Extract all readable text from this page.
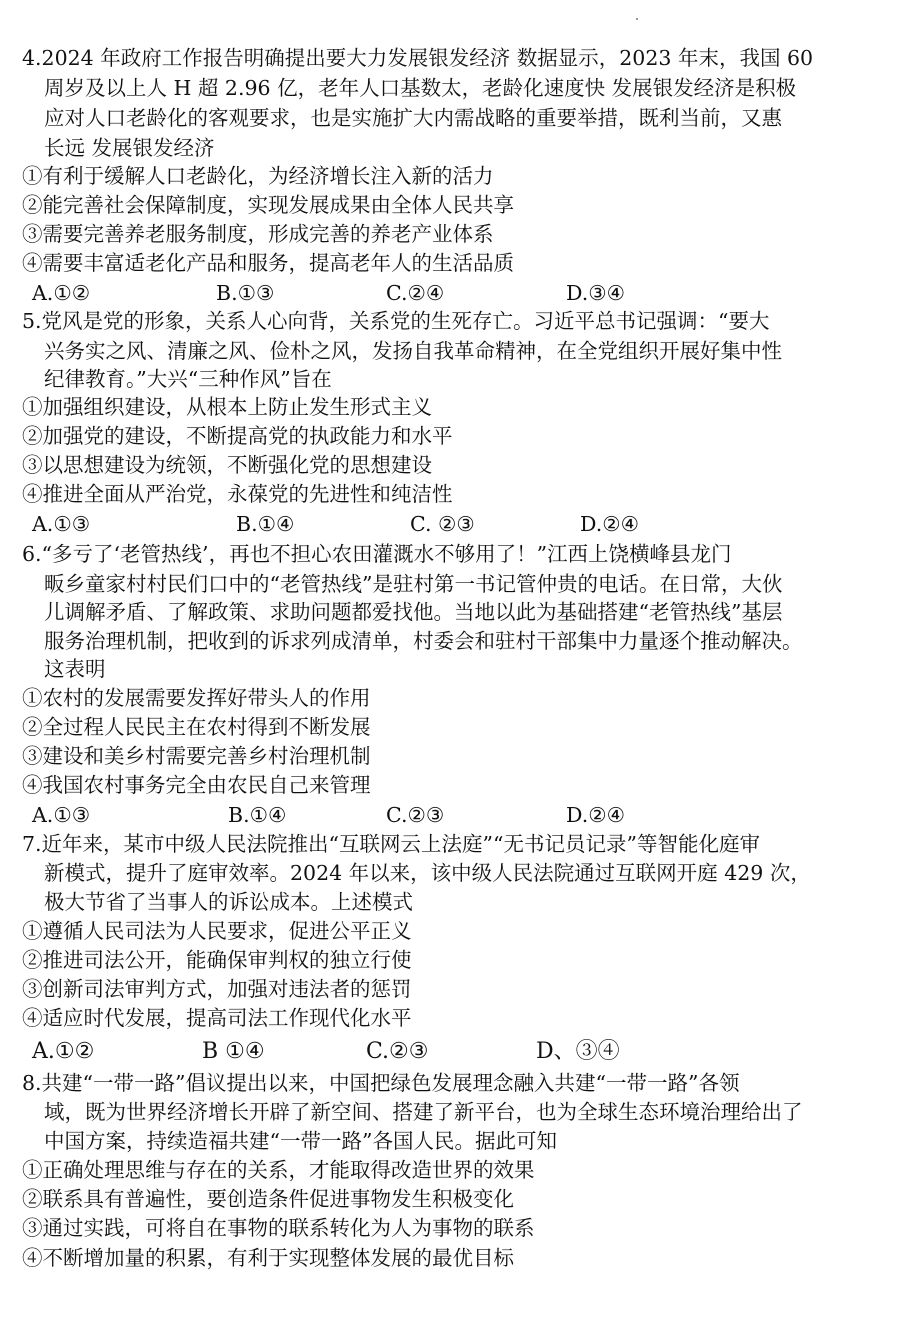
4.2024 年政府工作报告明确提出要大力发展银发经济 数据显示，2023 年末，我国 60
周岁及以上人 H 超 2.96 亿，老年人口基数太，老龄化速度快 发展银发经济是积极
应对人口老龄化的客观要求，也是实施扩大内需战略的重要举措，既利当前，又惠
长远 发展银发经济
①有利于缓解人口老龄化，为经济增长注入新的活力
②能完善社会保障制度，实现发展成果由全体人民共享
③需要完善养老服务制度，形成完善的养老产业体系
④需要丰富适老化产品和服务，提高老年人的生活品质
A.①②	B.①③	C.②④	D.③④
5.党风是党的形象，关系人心向背，关系党的生死存亡。习近平总书记强调：“要大
兴务实之风、清廉之风、俭朴之风，发扬自我革命精神，在全党组织开展好集中性
纪律教育。”大兴“三种作风”旨在
①加强组织建设，从根本上防止发生形式主义
②加强党的建设，不断提高党的执政能力和水平
③以思想建设为统领，不断强化党的思想建设
④推进全面从严治党，永葆党的先进性和纯洁性
A.①③	B.①④	C. ②③	D.②④
6.“多亏了‘老管热线’，再也不担心农田灌溉水不够用了！”江西上饶横峰县龙门
畈乡童家村村民们口中的“老管热线”是驻村第一书记管仲贵的电话。在日常，大伙
儿调解矛盾、了解政策、求助问题都爱找他。当地以此为基础搭建“老管热线”基层
服务治理机制，把收到的诉求列成清单，村委会和驻村干部集中力量逐个推动解决。
这表明
①农村的发展需要发挥好带头人的作用
②全过程人民民主在农村得到不断发展
③建设和美乡村需要完善乡村治理机制
④我国农村事务完全由农民自己来管理
A.①③	B.①④	C.②③	D.②④
7.近年来，某市中级人民法院推出“互联网云上法庭”“无书记员记录”等智能化庭审
新模式，提升了庭审效率。2024 年以来，该中级人民法院通过互联网开庭 429 次，
极大节省了当事人的诉讼成本。上述模式
①遵循人民司法为人民要求，促进公平正义
②推进司法公开，能确保审判权的独立行使
③创新司法审判方式，加强对违法者的惩罚
④适应时代发展，提高司法工作现代化水平
A.①②	B ①④	C.②③	D、③④
8.共建“一带一路”倡议提出以来，中国把绿色发展理念融入共建“一带一路”各领
域，既为世界经济增长开辟了新空间、搭建了新平台，也为全球生态环境治理给出了
中国方案，持续造福共建“一带一路”各国人民。据此可知
①正确处理思维与存在的关系，才能取得改造世界的效果
②联系具有普遍性，要创造条件促进事物发生积极变化
③通过实践，可将自在事物的联系转化为人为事物的联系
④不断增加量的积累，有利于实现整体发展的最优目标
